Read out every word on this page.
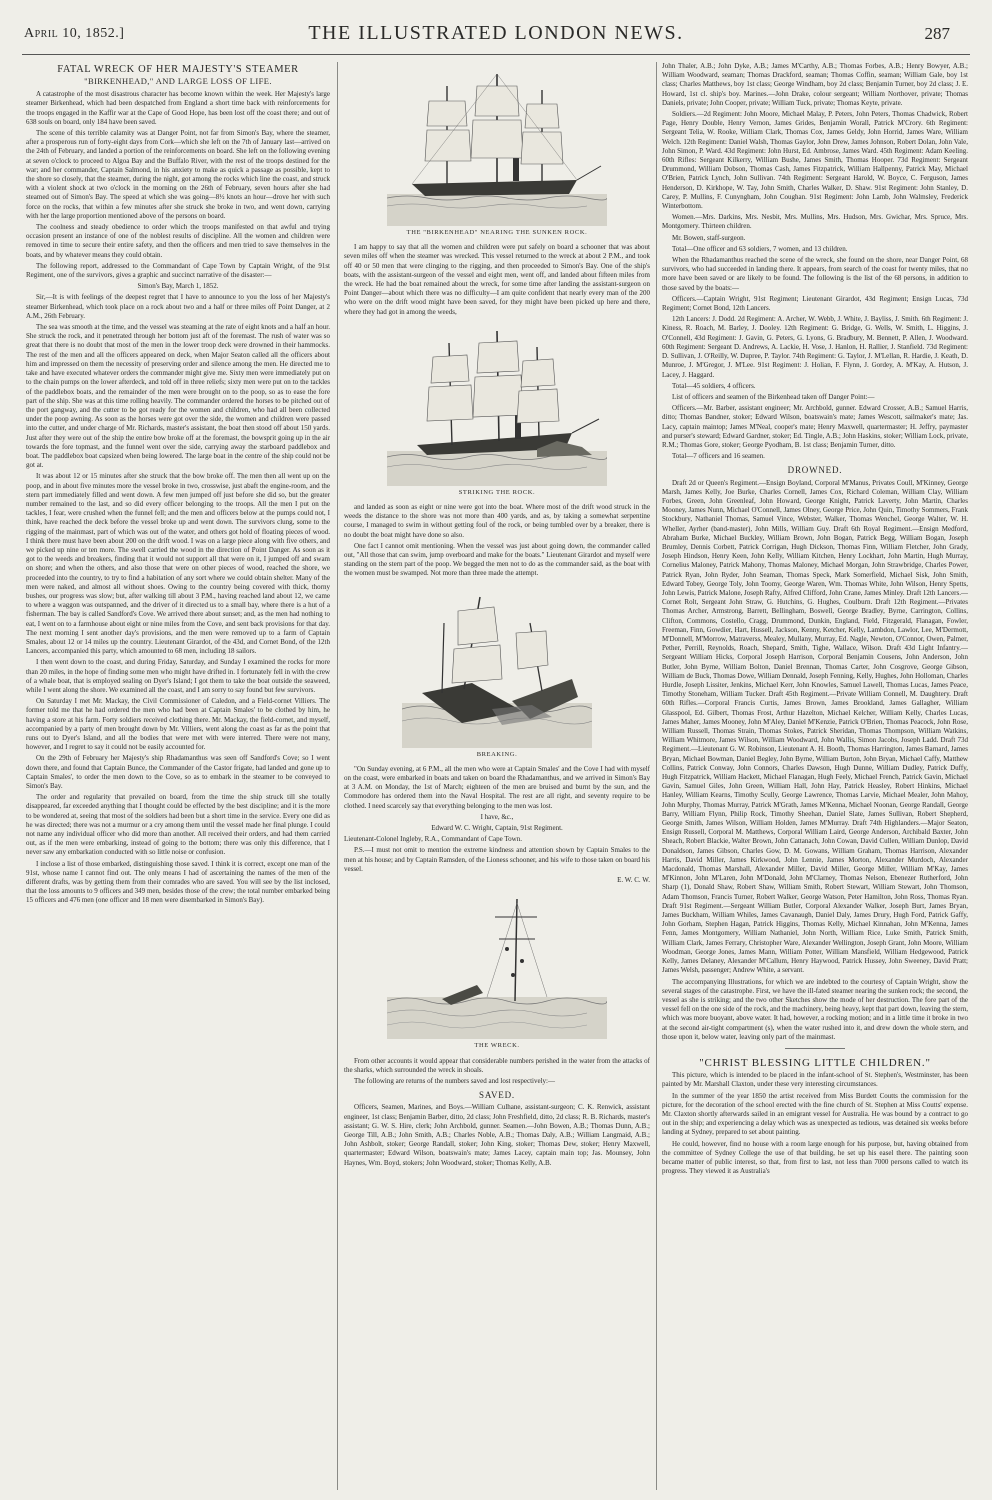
April 10, 1852.]	THE ILLUSTRATED LONDON NEWS.	287
FATAL WRECK OF HER MAJESTY'S STEAMER
"BIRKENHEAD," AND LARGE LOSS OF LIFE.

A catastrophe of the most disastrous character has become known within the week. Her Majesty's large steamer Birkenhead, which had been despatched from England a short time back with reinforcements for the troops engaged in the Kaffir war at the Cape of Good Hope, has been lost off the coast there; and out of 638 souls on board, only 184 have been saved.

The scene of this terrible calamity was at Danger Point, not far from Simon's Bay, where the steamer, after a prosperous run of forty-eight days from Cork—which she left on the 7th of January last—arrived on the 24th of February, and landed a portion of the reinforcements on board. She left on the following evening at seven o'clock to proceed to Algoa Bay and the Buffalo River, with the rest of the troops destined for the war; and her commander, Captain Salmond, in his anxiety to make as quick a passage as possible, kept to the shore so closely, that the steamer, during the night, got among the rocks which line the coast, and struck with a violent shock at two o'clock in the morning on the 26th of February, seven hours after she had steamed out of Simon's Bay. The speed at which she was going—8½ knots an hour—drove her with such force on the rocks, that within a few minutes after she struck she broke in two, and went down, carrying with her the large proportion mentioned above of the persons on board.

The coolness and steady obedience to order which the troops manifested on that awful and trying occasion present an instance of one of the noblest results of discipline. All the women and children were removed in time to secure their entire safety, and then the officers and men tried to save themselves in the boats, and by whatever means they could obtain.

The following report, addressed to the Commandant of Cape Town by Captain Wright, of the 91st Regiment, one of the survivors, gives a graphic and succinct narrative of the disaster:—

Simon's Bay, March 1, 1852.

Sir,—It is with feelings of the deepest regret that I have to announce to you the loss of her Majesty's steamer Birkenhead, which took place on a rock about two and a half or three miles off Point Danger, at 2 A.M., 26th February.

The sea was smooth at the time, and the vessel was steaming at the rate of eight knots and a half an hour. She struck the rock, and it penetrated through her bottom just aft of the foremast. The rush of water was so great that there is no doubt that most of the men in the lower troop deck were drowned in their hammocks. The rest of the men and all the officers appeared on deck, when Major Seaton called all the officers about him and impressed on them the necessity of preserving order and silence among the men. He directed me to take and have executed whatever orders the commander might give me. Sixty men were immediately put on to the chain pumps on the lower afterdeck, and told off in three reliefs; sixty men were put on to the tackles of the paddlebox boats, and the remainder of the men were brought on to the poop, so as to ease the fore part of the ship. She was at this time rolling heavily. The commander ordered the horses to be pitched out of the port gangway, and the cutter to be got ready for the women and children, who had all been collected under the poop awning. As soon as the horses were got over the side, the women and children were passed into the cutter, and under charge of Mr. Richards, master's assistant, the boat then stood off about 150 yards. Just after they were out of the ship the entire bow broke off at the foremast, the bowsprit going up in the air towards the fore topmast, and the funnel went over the side, carrying away the starboard paddlebox and boat. The paddlebox boat capsized when being lowered. The large boat in the centre of the ship could not be got at.

It was about 12 or 15 minutes after she struck that the bow broke off. The men then all went up on the poop, and in about five minutes more the vessel broke in two, crosswise, just abaft the engine-room, and the stern part immediately filled and went down. A few men jumped off just before she did so, but the greater number remained to the last, and so did every officer belonging to the troops. All the men I put on the tackles, I fear, were crushed when the funnel fell; and the men and officers below at the pumps could not, I think, have reached the deck before the vessel broke up and went down. The survivors clung, some to the rigging of the mainmast, part of which was out of the water, and others got hold of floating pieces of wood. I think there must have been about 200 on the drift wood. I was on a large piece along with five others, and we picked up nine or ten more. The swell carried the wood in the direction of Point Danger. As soon as it got to the weeds and breakers, finding that it would not support all that were on it, I jumped off and swam on shore; and when the others, and also those that were on other pieces of wood, reached the shore, we proceeded into the country, to try to find a habitation of any sort where we could obtain shelter. Many of the men were naked, and almost all without shoes. Owing to the country being covered with thick, thorny bushes, our progress was slow; but, after walking till about 3 P.M., having reached land about 12, we came to where a waggon was outspanned, and the driver of it directed us to a small bay, where there is a hut of a fisherman. The bay is called Sandford's Cove. We arrived there about sunset; and, as the men had nothing to eat, I went on to a farmhouse about eight or nine miles from the Cove, and sent back provisions for that day. The next morning I sent another day's provisions, and the men were removed up to a farm of Captain Smales, about 12 or 14 miles up the country. Lieutenant Girardot, of the 43d, and Cornet Bond, of the 12th Lancers, accompanied this party, which amounted to 68 men, including 18 sailors.

I then went down to the coast, and during Friday, Saturday, and Sunday I examined the rocks for more than 20 miles, in the hope of finding some men who might have drifted in. I fortunately fell in with the crew of a whale boat, that is employed sealing on Dyer's Island; I got them to take the boat outside the seaweed, while I went along the shore. We examined all the coast, and I am sorry to say found but few survivors.

On Saturday I met Mr. Mackay, the Civil Commissioner of Caledon, and a Field-cornet Villiers. The former told me that he had ordered the men who had been at Captain Smales' to be clothed by him, he having a store at his farm. Forty soldiers received clothing there. Mr. Mackay, the field-cornet, and myself, accompanied by a party of men brought down by Mr. Villiers, went along the coast as far as the point that runs out to Dyer's Island, and all the bodies that were met with were interred. There were not many, however, and I regret to say it could not be easily accounted for.

On the 29th of February her Majesty's ship Rhadamanthus was seen off Sandford's Cove; so I went down there, and found that Captain Bunce, the Commander of the Castor frigate, had landed and gone up to Captain Smales', to order the men down to the Cove, so as to embark in the steamer to be conveyed to Simon's Bay.

The order and regularity that prevailed on board, from the time the ship struck till she totally disappeared, far exceeded anything that I thought could be effected by the best discipline; and it is the more to be wondered at, seeing that most of the soldiers had been but a short time in the service. Every one did as he was directed; there was not a murmur or a cry among them until the vessel made her final plunge. I could not name any individual officer who did more than another. All received their orders, and had them carried out, as if the men were embarking, instead of going to the bottom; there was only this difference, that I never saw any embarkation conducted with so little noise or confusion.

I inclose a list of those embarked, distinguishing those saved. I think it is correct, except one man of the 91st, whose name I cannot find out. The only means I had of ascertaining the names of the men of the different drafts, was by getting them from their comrades who are saved. You will see by the list inclosed, that the loss amounts to 9 officers and 349 men, besides those of the crew; the total number embarked being 15 officers and 476 men (one officer and 18 men were disembarked in Simon's Bay).

THE "BIRKENHEAD" NEARING THE SUNKEN ROCK.

I am happy to say that all the women and children were put safely on board a schooner that was about seven miles off when the steamer was wrecked. This vessel returned to the wreck at about 2 P.M., and took off 40 or 50 men that were clinging to the rigging, and then proceeded to Simon's Bay. One of the ship's boats, with the assistant-surgeon of the vessel and eight men, went off, and landed about fifteen miles from the wreck. He had the boat remained about the wreck, for some time after landing the assistant-surgeon on Point Danger—about which there was no difficulty—I am quite confident that nearly every man of the 200 who were on the drift wood might have been saved, for they might have been picked up here and there, where they had got in among the weeds,

STRIKING THE ROCK.

and landed as soon as eight or nine were got into the boat. Where most of the drift wood struck in the weeds the distance to the shore was not more than 400 yards, and as, by taking a somewhat serpentine course, I managed to swim in without getting foul of the rock, or being tumbled over by a breaker, there is no doubt the boat might have done so also.

One fact I cannot omit mentioning. When the vessel was just about going down, the commander called out, "All those that can swim, jump overboard and make for the boats." Lieutenant Girardot and myself were standing on the stern part of the poop. We begged the men not to do as the commander said, as the boat with the women must be swamped. Not more than three made the attempt.

BREAKING.

"On Sunday evening, at 6 P.M., all the men who were at Captain Smales' and the Cove I had with myself on the coast, were embarked in boats and taken on board the Rhadamanthus, and we arrived in Simon's Bay at 3 A.M. on Monday, the 1st of March; eighteen of the men are bruised and burnt by the sun, and the Commodore has ordered them into the Naval Hospital. The rest are all right, and seventy require to be clothed. I need scarcely say that everything belonging to the men was lost.

I have, &c.,
Edward W. C. Wright, Captain, 91st Regiment.

Lieutenant-Colonel Ingleby, R.A., Commandant of Cape Town.

P.S.—I must not omit to mention the extreme kindness and attention shown by Captain Smales to the men at his house; and by Captain Ramsden, of the Lioness schooner, and his wife to those taken on board his vessel.

E. W. C. W.
THE WRECK.

From other accounts it would appear that considerable numbers perished in the water from the attacks of the sharks, which surrounded the wreck in shoals.

The following are returns of the numbers saved and lost respectively:—

SAVED.

Officers, Seamen, Marines, and Boys.—William Culhane, assistant-surgeon; C. K. Renwick, assistant engineer, 1st class; Benjamin Barber, ditto, 2d class; John Freshfield, ditto, 2d class; R. B. Richards, master's assistant; G. W. S. Hire, clerk; John Archbold, gunner. Seamen.—John Bowen, A.B.; Thomas Dunn, A.B.; George Till, A.B.; John Smith, A.B.; Charles Noble, A.B.; Thomas Daly, A.B.; William Langmaid, A.B.; John Ashbolt, stoker; George Randall, stoker; John King, stoker; Thomas Dew, stoker; Henry Maxwell, quartermaster; Edward Wilson, boatswain's mate; James Lacey, captain main top; Jas. Mounsey, John Haynes, Wm. Boyd, stokers; John Woodward, stoker; Thomas Kelly, A.B.

John Thaler, A.B.; John Dyke, A.B.; James M'Carthy, A.B.; Thomas Forbes, A.B.; Henry Bowyer, A.B.; William Woodward, seaman; Thomas Drackford, seaman; Thomas Coffin, seaman; William Gale, boy 1st class; Charles Matthews, boy 1st class; George Windham, boy 2d class; Benjamin Turner, boy 2d class; J. E. Howard, 1st cl. ship's boy. Marines.—John Drake, colour sergeant; William Northover, private; Thomas Daniels, private; John Cooper, private; William Tuck, private; Thomas Keyte, private.

Soldiers.—2d Regiment: John Moore, Michael Malay, P. Peters, John Peters, Thomas Chadwick, Robert Page, Henry Double, Henry Vernon, James Grides, Benjamin Worall, Patrick M'Crory. 6th Regiment: Sergeant Telia, W. Rooke, William Clark, Thomas Cox, James Geldy, John Horrid, James Ware, William Welch. 12th Regiment: Daniel Walsh, Thomas Gaylor, John Drew, James Johnson, Robert Dolan, John Vale, John Simon, P. Ward. 43d Regiment: John Hurst, Ed. Ambrose, James Ward. 45th Regiment: Adam Keeling. 60th Rifles: Sergeant Kilkerry, William Bushe, James Smith, Thomas Hooper. 73d Regiment: Sergeant Drummond, William Dobson, Thomas Cash, James Fitzpatrick, William Hallpenny, Patrick May, Michael O'Brien, Patrick Lynch, John Sullivan. 74th Regiment: Sergeant Harold, W. Boyce, C. Ferguson, James Henderson, D. Kirkhope, W. Tay, John Smith, Charles Walker, D. Shaw. 91st Regiment: John Stanley, D. Carey, P. Mullins, F. Cunyngham, John Coughan. 91st Regiment: John Lamb, John Walmsley, Frederick Winterbottom.

Women.—Mrs. Darkins, Mrs. Nesbit, Mrs. Mullins, Mrs. Hudson, Mrs. Gwichar, Mrs. Spruce, Mrs. Montgomery. Thirteen children.

Mr. Bowen, staff-surgeon.

Total—One officer and 63 soldiers, 7 women, and 13 children.

When the Rhadamanthus reached the scene of the wreck, she found on the shore, near Danger Point, 68 survivors, who had succeeded in landing there. It appears, from search of the coast for twenty miles, that no more have been saved or are likely to be found. The following is the list of the 68 persons, in addition to those saved by the boats:—

Officers.—Captain Wright, 91st Regiment; Lieutenant Girardot, 43d Regiment; Ensign Lucas, 73d Regiment; Cornet Bond, 12th Lancers.

12th Lancers: J. Dodd. 2d Regiment: A. Archer, W. Webb, J. White, J. Bayliss, J. Smith. 6th Regiment: J. Kiness, R. Roach, M. Barley, J. Dooley. 12th Regiment: G. Bridge, G. Wells, W. Smith, L. Higgins, J. O'Connell, 43d Regiment: J. Gavin, G. Peters, G. Lyons, G. Bradbury, M. Bennett, P. Allen, J. Woodward. 60th Regiment: Sergeant D. Andrews, A. Lackie, H. Vose, J. Hanlon, H. Rallier, J. Stanfield. 73d Regiment: D. Sullivan, J. O'Reilly, W. Dupree, P. Taylor. 74th Regiment: G. Taylor, J. M'Lellan, R. Hardie, J. Keath, D. Munroe, J. M'Gregor, J. M'Lee. 91st Regiment: J. Holian, F. Flynn, J. Gordey, A. M'Kay, A. Hutson, J. Lacey, J. Haggard.

Total—45 soldiers, 4 officers.

List of officers and seamen of the Birkenhead taken off Danger Point:—

Officers.—Mr. Barber, assistant engineer; Mr. Archbold, gunner. Edward Crosser, A.B.; Samuel Harris, ditto; Thomas Bandner, stoker; Edward Wilson, boatswain's mate; James Wescott, sailmaker's mate; Jas. Lacy, captain maintop; James M'Neal, cooper's mate; Henry Maxwell, quartermaster; H. Jeffry, paymaster and purser's steward; Edward Gardner, stoker; Ed. Tingle, A.B.; John Haskins, stoker; William Lock, private, R.M.; Thomas Gore, stoker; George Pyodham, B. 1st class; Benjamin Turner, ditto.

Total—7 officers and 16 seamen.

DROWNED.

Draft 2d or Queen's Regiment.—Ensign Boyland, Corporal M'Manus, Privates Coull, M'Kinney, George Marsh, James Kelly, Joe Burke, Charles Cornell, James Cox, Richard Coleman, William Clay, William Forbes, Green, John Greenleaf, John Howard, George Knight, Patrick Laverty, John Martin, Charles Mooney, James Nunn, Michael O'Connell, James Olney, George Price, John Quin, Timothy Sommers, Frank Stockbury, Nathaniel Thomas, Samuel Vince, Webster, Walker, Thomas Wenchel, George Walter, W. H. Wheller, Ayrher (band-master), John Mills, William Guy. Draft 6th Royal Regiment.—Ensign Medford, Abraham Burke, Michael Buckley, William Brown, John Bogan, Patrick Begg, William Bogan, Joseph Brumley, Dennis Corbett, Patrick Corrigan, Hugh Dickson, Thomas Finn, William Fletcher, John Grady, Joseph Hindson, Henry Keen, John Kelly, William Kitchen, Henry Lockhart, John Martin, Hugh Murray, Cornelius Maloney, Patrick Mahony, Thomas Maloney, Michael Morgan, John Strawbridge, Charles Power, Patrick Ryan, John Ryder, John Seaman, Thomas Speck, Mark Somerfield, Michael Sisk, John Smith, Edward Tobey, George Toly, John Toomy, George Waren, Wm. Thomas White, John Wilson, Henry Spetts, John Lewis, Patrick Malone, Joseph Rafty, Alfred Clifford, John Crane, James Minley. Draft 12th Lancers.—Cornet Rolt, Sergeant John Straw, G. Hutchins, G. Hughes, Coulburn. Draft 12th Regiment.—Privates Thomas Archer, Armstrong, Barrett, Bellingham, Boswell, George Bradley, Byrne, Carrington, Collins, Clifton, Commons, Costello, Cragg, Drummond, Dunkin, England, Field, Fitzgerald, Flanagan, Fowler, Freeman, Finn, Gowdier, Hart, Hussell, Jackson, Kenny, Ketcher, Kelly, Lambdon, Lawlor, Lee, M'Dermott, M'Donnell, M'Morrow, Matraverss, Mealey, Mullany, Murray, Ed. Nagle, Newton, O'Connor, Owen, Palmer, Pether, Perrill, Reynolds, Roach, Shepard, Smith, Tighe, Wallace, Wilson. Draft 43d Light Infantry.—Sergeant William Hicks, Corporal Joseph Harrison, Corporal Benjamin Cousens, John Anderson, John Butler, John Byrne, William Bolton, Daniel Brennan, Thomas Carter, John Cosgrove, George Gibson, William de Buck, Thomas Dowe, William Dennald, Joseph Fenning, Kelly, Hughes, John Holloman, Charles Hurdle, Joseph Lissiter, Jenkins, Michael Kerr, John Knowles, Samuel Lawell, Thomas Lucas, James Peace, Timothy Stoneham, William Tucker. Draft 45th Regiment.—Private William Connell, M. Daughtery. Draft 60th Rifles.—Corporal Francis Curtis, James Brown, James Brookland, James Gallagher, William Glasspool, Ed. Gilbert, Thomas Frost, Arthur Hazelton, Michael Kelcher, William Kelly, Charles Lucas, James Maher, James Mooney, John M'Aley, Daniel M'Kenzie, Patrick O'Brien, Thomas Peacock, John Rose, William Russell, Thomas Strain, Thomas Stokes, Patrick Sheridan, Thomas Thompson, William Watkins, William Whitmore, James Wilson, William Woodward, John Wallis, Simon Jacobs, Joseph Ladd. Draft 73d Regiment.—Lieutenant G. W. Robinson, Lieutenant A. H. Booth, Thomas Harrington, James Barnard, James Bryan, Michael Bowman, Daniel Begley, John Byrne, William Burton, John Bryan, Michael Caffy, Matthew Collins, Patrick Conway, John Connors, Charles Dawson, Hugh Dunne, William Dudley, Patrick Duffy, Hugh Fitzpatrick, William Hackett, Michael Flanagan, Hugh Feely, Michael French, Patrick Gavin, Michael Gavin, Samuel Giles, John Green, William Hall, John Hay, Patrick Heasley, Robert Hinkins, Michael Hanley, William Kearns, Timothy Scully, George Lawrence, Thomas Larvie, Michael Mealer, John Mahoy, John Murphy, Thomas Murray, Patrick M'Grath, James M'Kenna, Michael Noonan, George Randall, George Barry, William Flynn, Philip Rock, Timothy Sheehan, Daniel Slate, James Sullivan, Robert Shepherd, George Smith, James Wilson, William Holden, James M'Murray. Draft 74th Highlanders.—Major Seaton, Ensign Russell, Corporal M. Matthews, Corporal William Laird, George Anderson, Archibald Baxter, John Sheach, Robert Blackie, Walter Brown, John Cattanach, John Cowan, David Cullen, William Dunlop, David Donaldson, James Gibson, Charles Gow, D. M. Gowans, William Graham, Thomas Harrison, Alexander Harris, David Miller, James Kirkwood, John Lennie, James Morton, Alexander Murdoch, Alexander Macdonald, Thomas Marshall, Alexander Miller, David Miller, George Miller, William M'Kay, James M'Kinnon, John M'Laren, John M'Donald, John M'Clarney, Thomas Nelson, Ebenezer Rutherford, John Sharp (1), Donald Shaw, Robert Shaw, William Smith, Robert Stewart, William Stewart, John Thomson, Adam Thomson, Francis Turner, Robert Walker, George Watson, Peter Hamilton, John Ross, Thomas Ryan. Draft 91st Regiment.—Sergeant William Butler, Corporal Alexander Walker, Joseph Burt, James Bryan, James Buckham, William Whiles, James Cavanaugh, Daniel Daly, James Drury, Hugh Ford, Patrick Gaffy, John Gorham, Stephen Hagan, Patrick Higgins, Thomas Kelly, Michael Kinnahan, John M'Kenna, James Fenn, James Montgomery, William Nathaniel, John North, William Rice, Luke Smith, Patrick Smith, William Clark, James Ferrary, Christopher Ware, Alexander Wellington, Joseph Grant, John Moore, William Woodman, George Jones, James Mann, William Potter, William Mansfield, William Hedgewood, Patrick Kelly, James Delaney, Alexander M'Callum, Henry Haywood, Patrick Hussey, John Sweeney, David Pratt; James Welsh, passenger; Andrew White, a servant.

The accompanying Illustrations, for which we are indebted to the courtesy of Captain Wright, show the several stages of the catastrophe. First, we have the ill-fated steamer nearing the sunken rock; the second, the vessel as she is striking; and the two other Sketches show the mode of her destruction. The fore part of the vessel fell on the one side of the rock, and the machinery, being heavy, kept that part down, leaving the stern, which was more buoyant, above water. It had, however, a rocking motion; and in a little time it broke in two at the second air-tight compartment (s), when the water rushed into it, and drew down the whole stern, and those upon it, below water, leaving only part of the mainmast.

"CHRIST BLESSING LITTLE CHILDREN."

This picture, which is intended to be placed in the infant-school of St. Stephen's, Westminster, has been painted by Mr. Marshall Claxton, under these very interesting circumstances.

In the summer of the year 1850 the artist received from Miss Burdett Coutts the commission for the picture, for the decoration of the school erected with the fine church of St. Stephen at Miss Coutts' expense. Mr. Claxton shortly afterwards sailed in an emigrant vessel for Australia. He was bound by a contract to go out in the ship; and experiencing a delay which was as unexpected as tedious, was detained six weeks before landing at Sydney, prepared to set about painting.

He could, however, find no house with a room large enough for his purpose, but, having obtained from the committee of Sydney College the use of that building, he set up his easel there. The painting soon became matter of public interest, so that, from first to last, not less than 7000 persons called to watch its progress. They viewed it as Australia's
